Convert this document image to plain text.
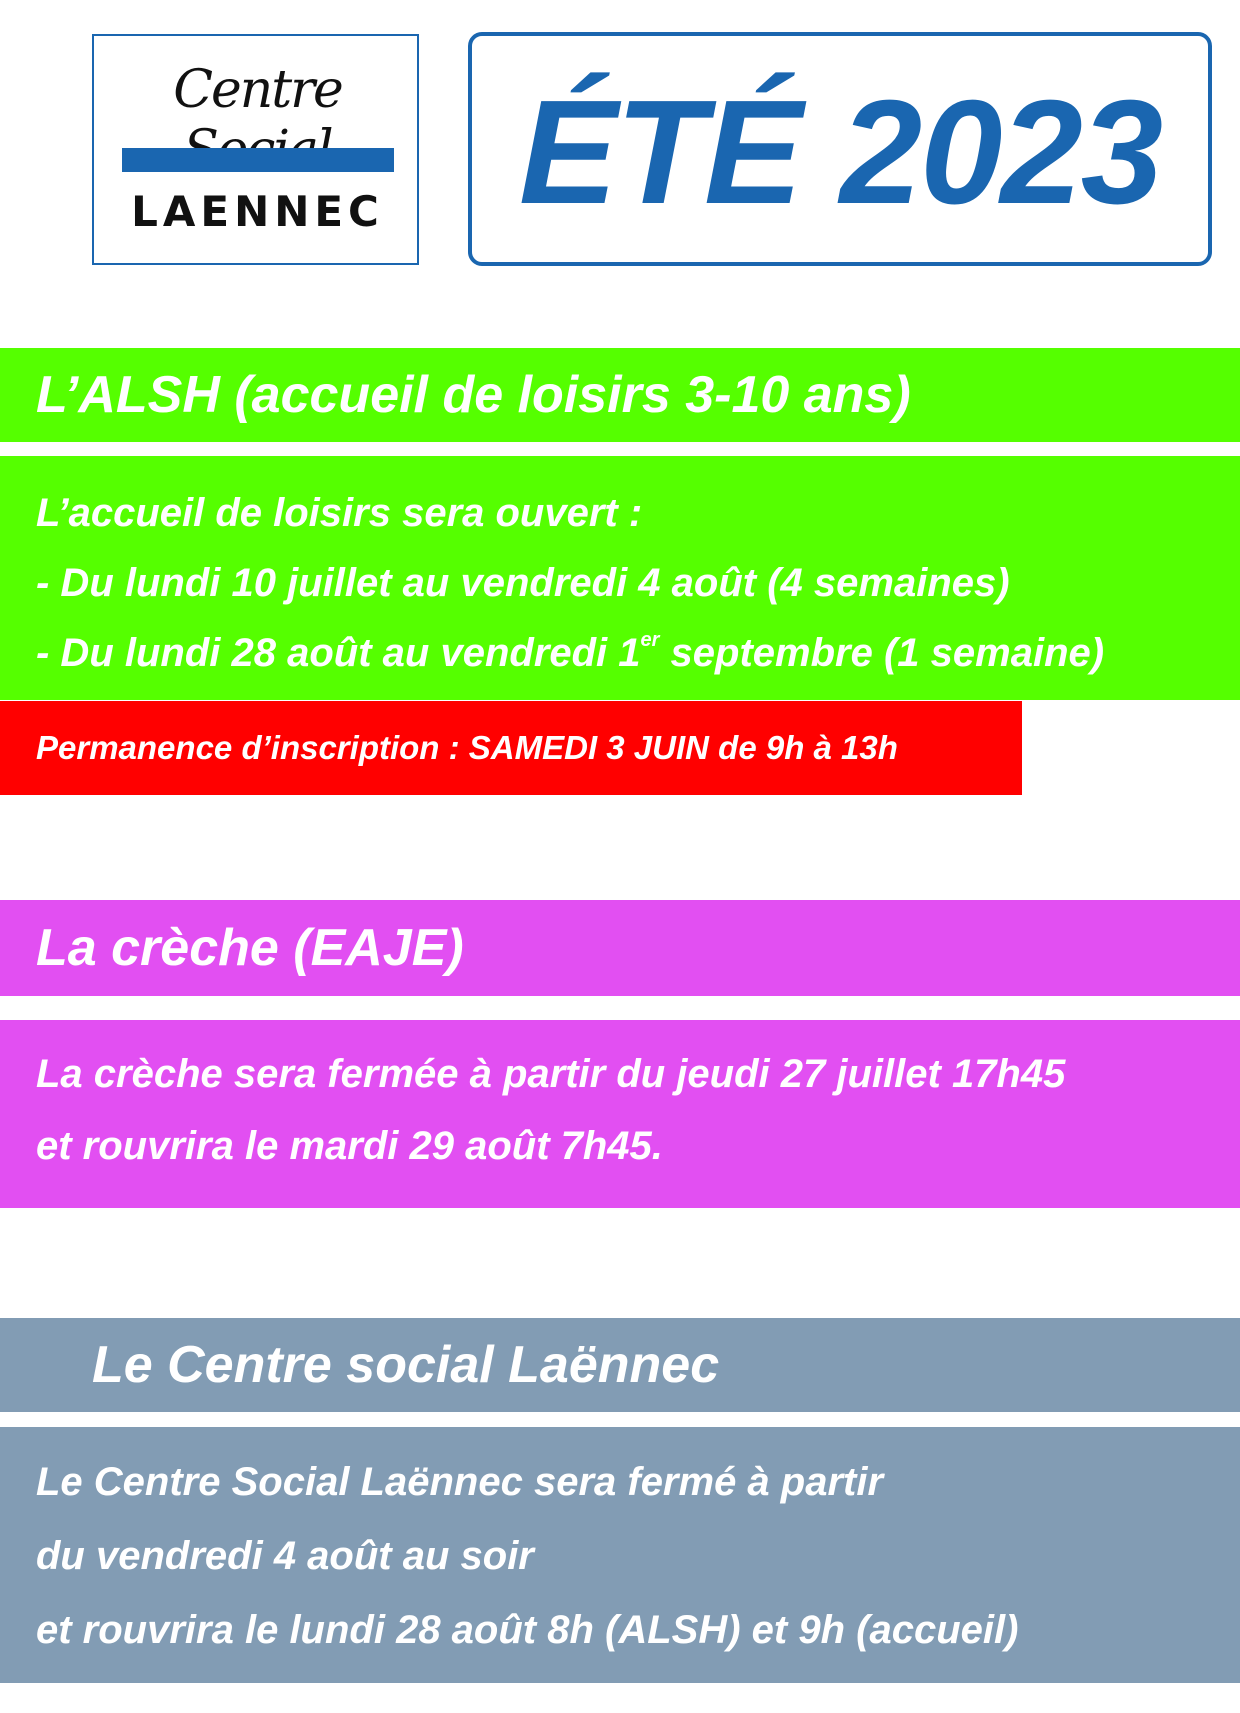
Centre
LAENNEC ÉTÉ 2023
L’ALSH (accueil de loisirs 3-10 ans)
L’accueil de loisirs sera ouvert :
- Du lundi 10 juillet au vendredi 4 août (4 semaines)
- Du lundi 28 août au vendredi 1er septembre (1 semaine)
Permanence d’inscription : SAMEDI 3 JUIN de 9h à 13h
La crèche (EAJE)
La crèche sera fermée à partir du jeudi 27 juillet 17h45
et rouvrira le mardi 29 août 7h45.
Le Centre social Laënnec
Le Centre Social Laënnec sera fermé à partir
du vendredi 4 août au soir
et rouvrira le lundi 28 août 8h (ALSH) et 9h (accueil)
